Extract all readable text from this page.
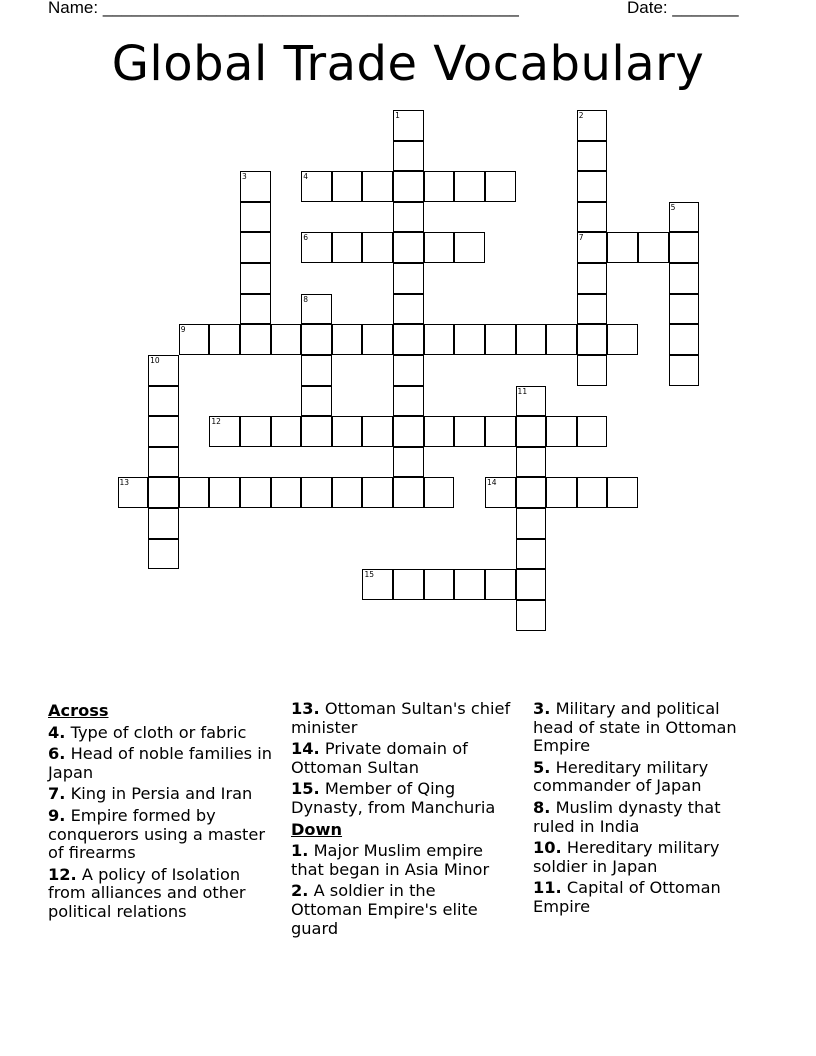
Name: ____________________________________________	Date: _______
Global Trade Vocabulary
1	2
7
3	4
5
6
8
9
10
11
12
13	14
15
Across
4. Type of cloth or fabric
6. Head of noble families in Japan
7. King in Persia and Iran
9. Empire formed by conquerors using a master of firearms
12. A policy of Isolation from alliances and other political relations
13. Ottoman Sultan's chief minister
14. Private domain of Ottoman Sultan
15. Member of Qing Dynasty, from Manchuria
Down
1. Major Muslim empire that began in Asia Minor
2. A soldier in the Ottoman Empire's elite guard
3. Military and political head of state in Ottoman Empire
5. Hereditary military commander of Japan
8. Muslim dynasty that ruled in India
10. Hereditary military soldier in Japan
11. Capital of Ottoman Empire
